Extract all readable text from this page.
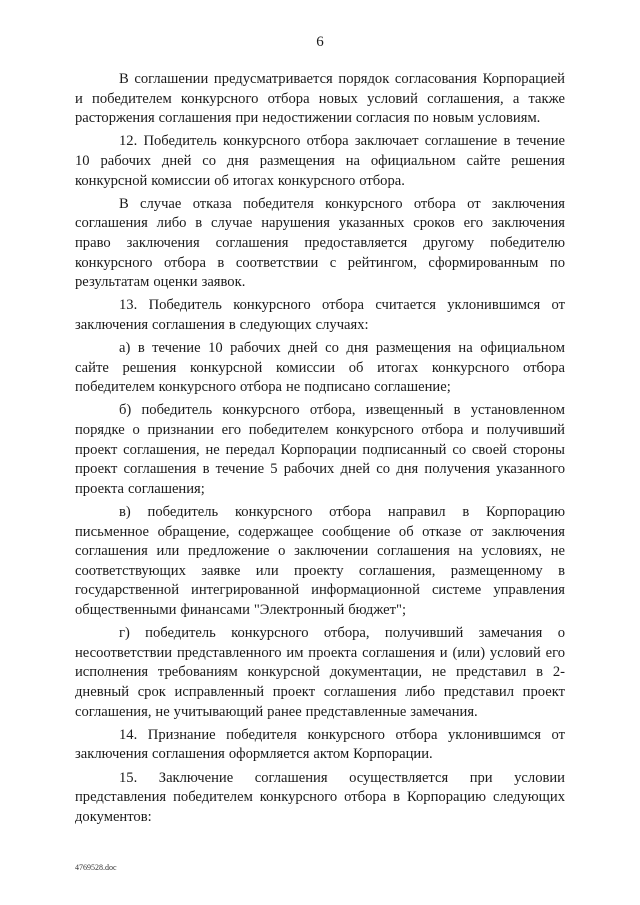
6

В соглашении предусматривается порядок согласования Корпорацией и победителем конкурсного отбора новых условий соглашения, а также расторжения соглашения при недостижении согласия по новым условиям.

12. Победитель конкурсного отбора заключает соглашение в течение 10 рабочих дней со дня размещения на официальном сайте решения конкурсной комиссии об итогах конкурсного отбора.

В случае отказа победителя конкурсного отбора от заключения соглашения либо в случае нарушения указанных сроков его заключения право заключения соглашения предоставляется другому победителю конкурсного отбора в соответствии с рейтингом, сформированным по результатам оценки заявок.

13. Победитель конкурсного отбора считается уклонившимся от заключения соглашения в следующих случаях:

а) в течение 10 рабочих дней со дня размещения на официальном сайте решения конкурсной комиссии об итогах конкурсного отбора победителем конкурсного отбора не подписано соглашение;

б) победитель конкурсного отбора, извещенный в установленном порядке о признании его победителем конкурсного отбора и получивший проект соглашения, не передал Корпорации подписанный со своей стороны проект соглашения в течение 5 рабочих дней со дня получения указанного проекта соглашения;

в) победитель конкурсного отбора направил в Корпорацию письменное обращение, содержащее сообщение об отказе от заключения соглашения или предложение о заключении соглашения на условиях, не соответствующих заявке или проекту соглашения, размещенному в государственной интегрированной информационной системе управления общественными финансами "Электронный бюджет";

г) победитель конкурсного отбора, получивший замечания о несоответствии представленного им проекта соглашения и (или) условий его исполнения требованиям конкурсной документации, не представил в 2-дневный срок исправленный проект соглашения либо представил проект соглашения, не учитывающий ранее представленные замечания.

14. Признание победителя конкурсного отбора уклонившимся от заключения соглашения оформляется актом Корпорации.

15. Заключение соглашения осуществляется при условии представления победителем конкурсного отбора в Корпорацию следующих документов:

4769528.doc
